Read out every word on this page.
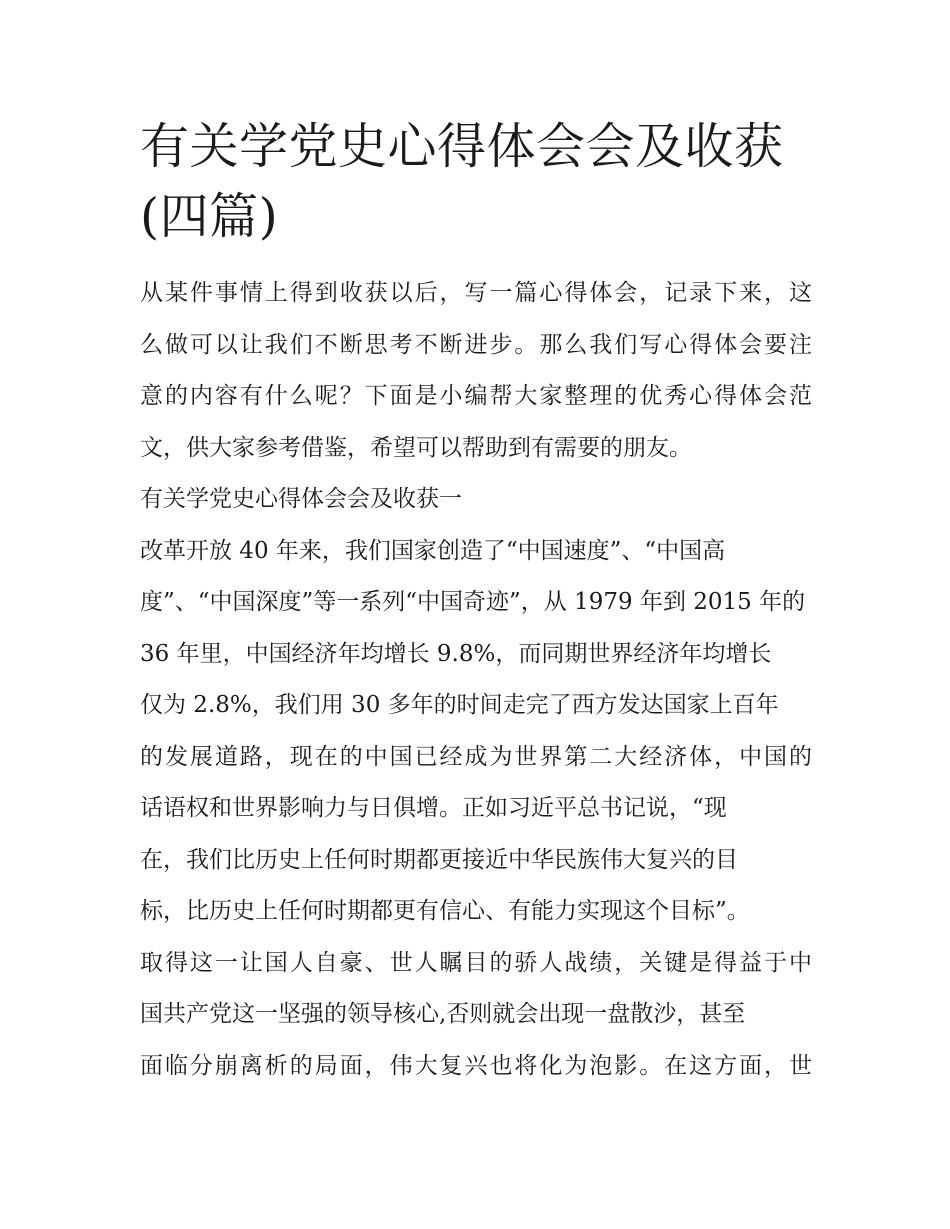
有关学党史心得体会会及收获
(四篇)
从某件事情上得到收获以后，写一篇心得体会，记录下来，这
么做可以让我们不断思考不断进步。那么我们写心得体会要注
意的内容有什么呢？下面是小编帮大家整理的优秀心得体会范
文，供大家参考借鉴，希望可以帮助到有需要的朋友。
有关学党史心得体会会及收获一
改革开放 40 年来，我们国家创造了“中国速度”、“中国高
度”、“中国深度”等一系列“中国奇迹”，从 1979 年到 2015 年的
36 年里，中国经济年均增长 9.8%，而同期世界经济年均增长
仅为 2.8%，我们用 30 多年的时间走完了西方发达国家上百年
的发展道路，现在的中国已经成为世界第二大经济体，中国的
话语权和世界影响力与日俱增。正如习近平总书记说，“现
在，我们比历史上任何时期都更接近中华民族伟大复兴的目
标，比历史上任何时期都更有信心、有能力实现这个目标”。
取得这一让国人自豪、世人瞩目的骄人战绩，关键是得益于中
国共产党这一坚强的领导核心,否则就会出现一盘散沙，甚至
面临分崩离析的局面，伟大复兴也将化为泡影。在这方面，世
